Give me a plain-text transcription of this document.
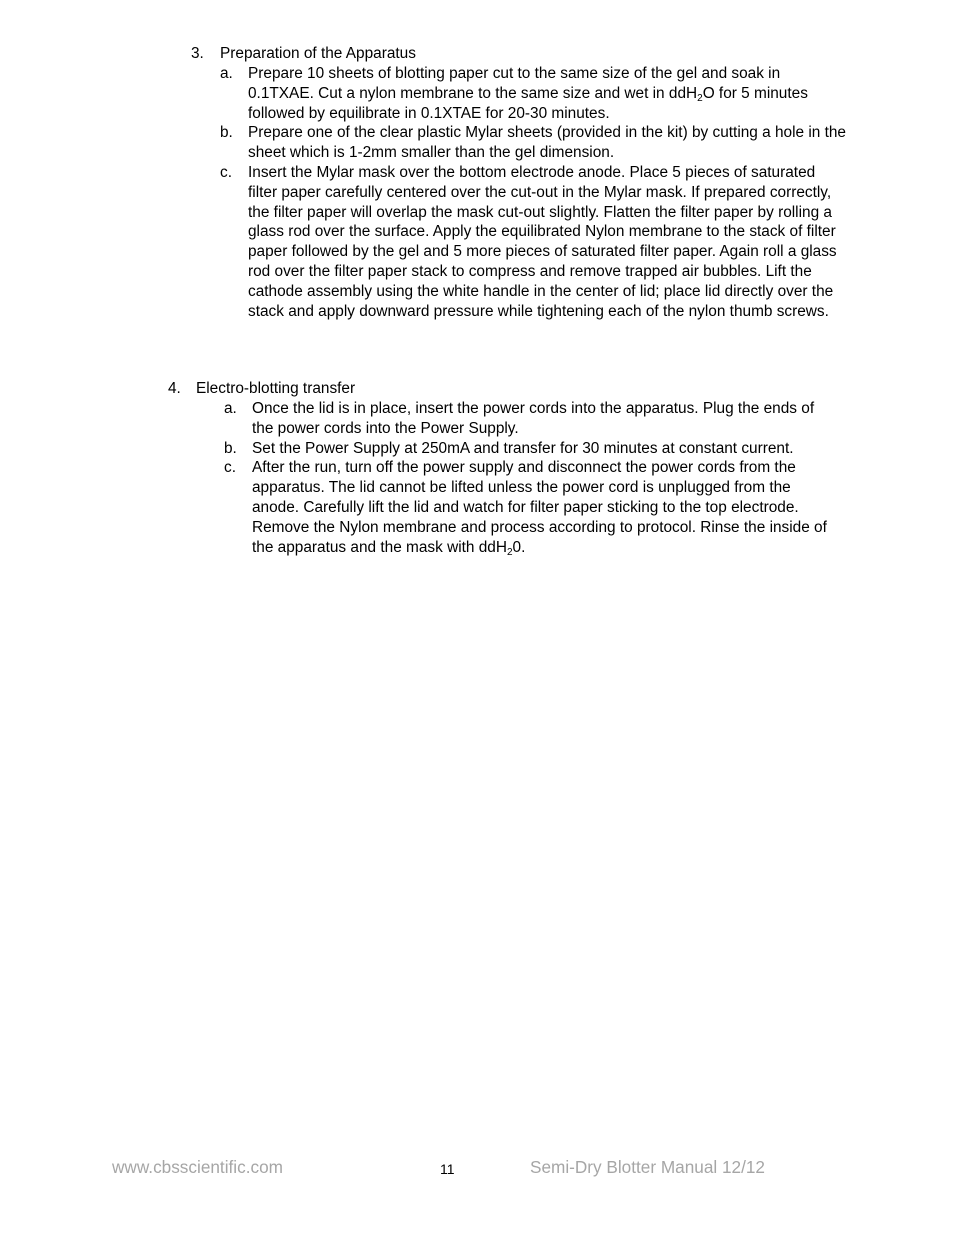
3. Preparation of the Apparatus
a. Prepare 10 sheets of blotting paper cut to the same size of the gel and soak in 0.1TXAE. Cut a nylon membrane to the same size and wet in ddH$_2$O for 5 minutes followed by equilibrate in 0.1XTAE for 20-30 minutes.
b. Prepare one of the clear plastic Mylar sheets (provided in the kit) by cutting a hole in the sheet which is 1-2mm smaller than the gel dimension.
c. Insert the Mylar mask over the bottom electrode anode. Place 5 pieces of saturated filter paper carefully centered over the cut-out in the Mylar mask. If prepared correctly, the filter paper will overlap the mask cut-out slightly. Flatten the filter paper by rolling a glass rod over the surface. Apply the equilibrated Nylon membrane to the stack of filter paper followed by the gel and 5 more pieces of saturated filter paper. Again roll a glass rod over the filter paper stack to compress and remove trapped air bubbles. Lift the cathode assembly using the white handle in the center of lid; place lid directly over the stack and apply downward pressure while tightening each of the nylon thumb screws.
4. Electro-blotting transfer
a. Once the lid is in place, insert the power cords into the apparatus. Plug the ends of the power cords into the Power Supply.
b. Set the Power Supply at 250mA and transfer for 30 minutes at constant current.
c. After the run, turn off the power supply and disconnect the power cords from the apparatus. The lid cannot be lifted unless the power cord is unplugged from the anode. Carefully lift the lid and watch for filter paper sticking to the top electrode. Remove the Nylon membrane and process according to protocol. Rinse the inside of the apparatus and the mask with ddH$_2$0.
www.cbsscientific.com	11	Semi-Dry Blotter Manual 12/12
